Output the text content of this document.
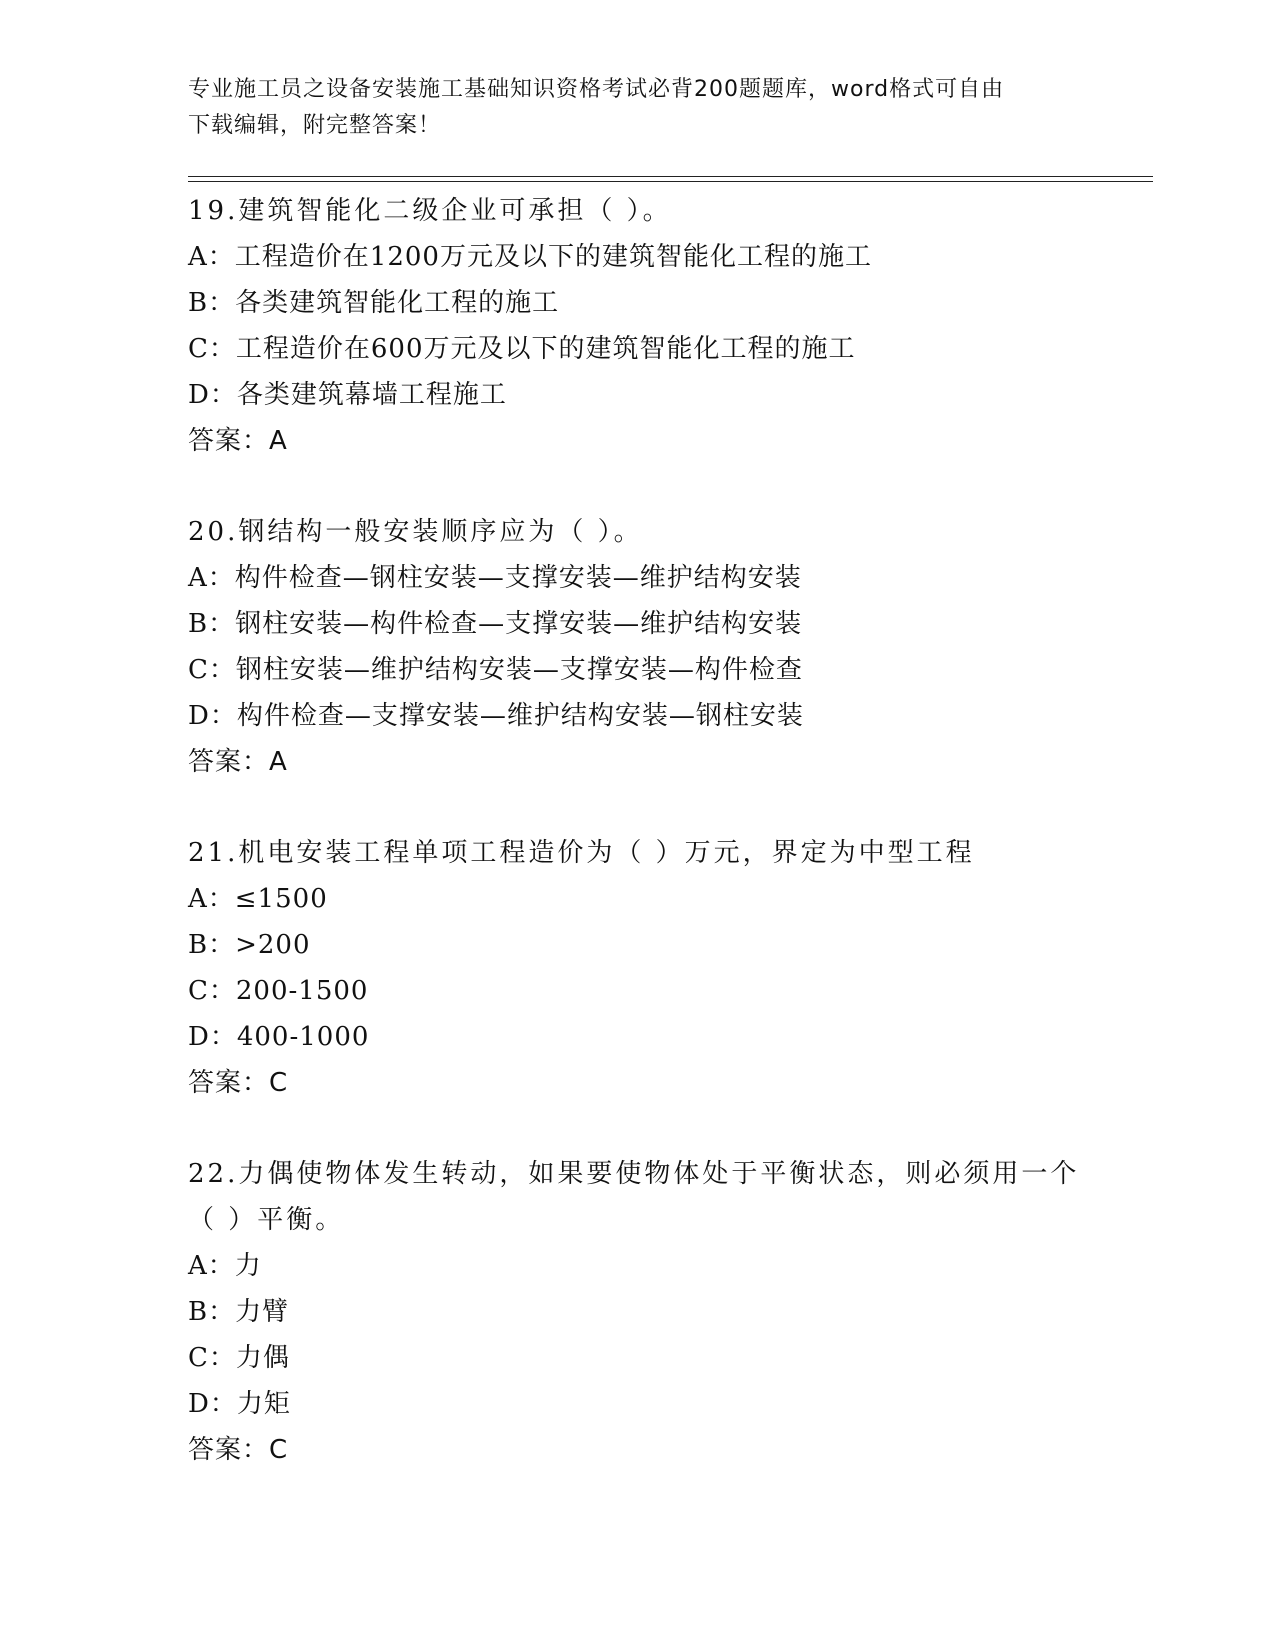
专业施工员之设备安装施工基础知识资格考试必背200题题库，word格式可自由
下载编辑，附完整答案！
19.建筑智能化二级企业可承担（ ）。
A：工程造价在1200万元及以下的建筑智能化工程的施工
B：各类建筑智能化工程的施工
C：工程造价在600万元及以下的建筑智能化工程的施工
D：各类建筑幕墙工程施工
答案：A
20.钢结构一般安装顺序应为（ ）。
A：构件检查—钢柱安装—支撑安装—维护结构安装
B：钢柱安装—构件检查—支撑安装—维护结构安装
C：钢柱安装—维护结构安装—支撑安装—构件检查
D：构件检查—支撑安装—维护结构安装—钢柱安装
答案：A
21.机电安装工程单项工程造价为（ ）万元，界定为中型工程
A：≤1500
B：>200
C：200-1500
D：400-1000
答案：C
22.力偶使物体发生转动，如果要使物体处于平衡状态，则必须用一个（ ）平衡。
A：力
B：力臂
C：力偶
D：力矩
答案：C
